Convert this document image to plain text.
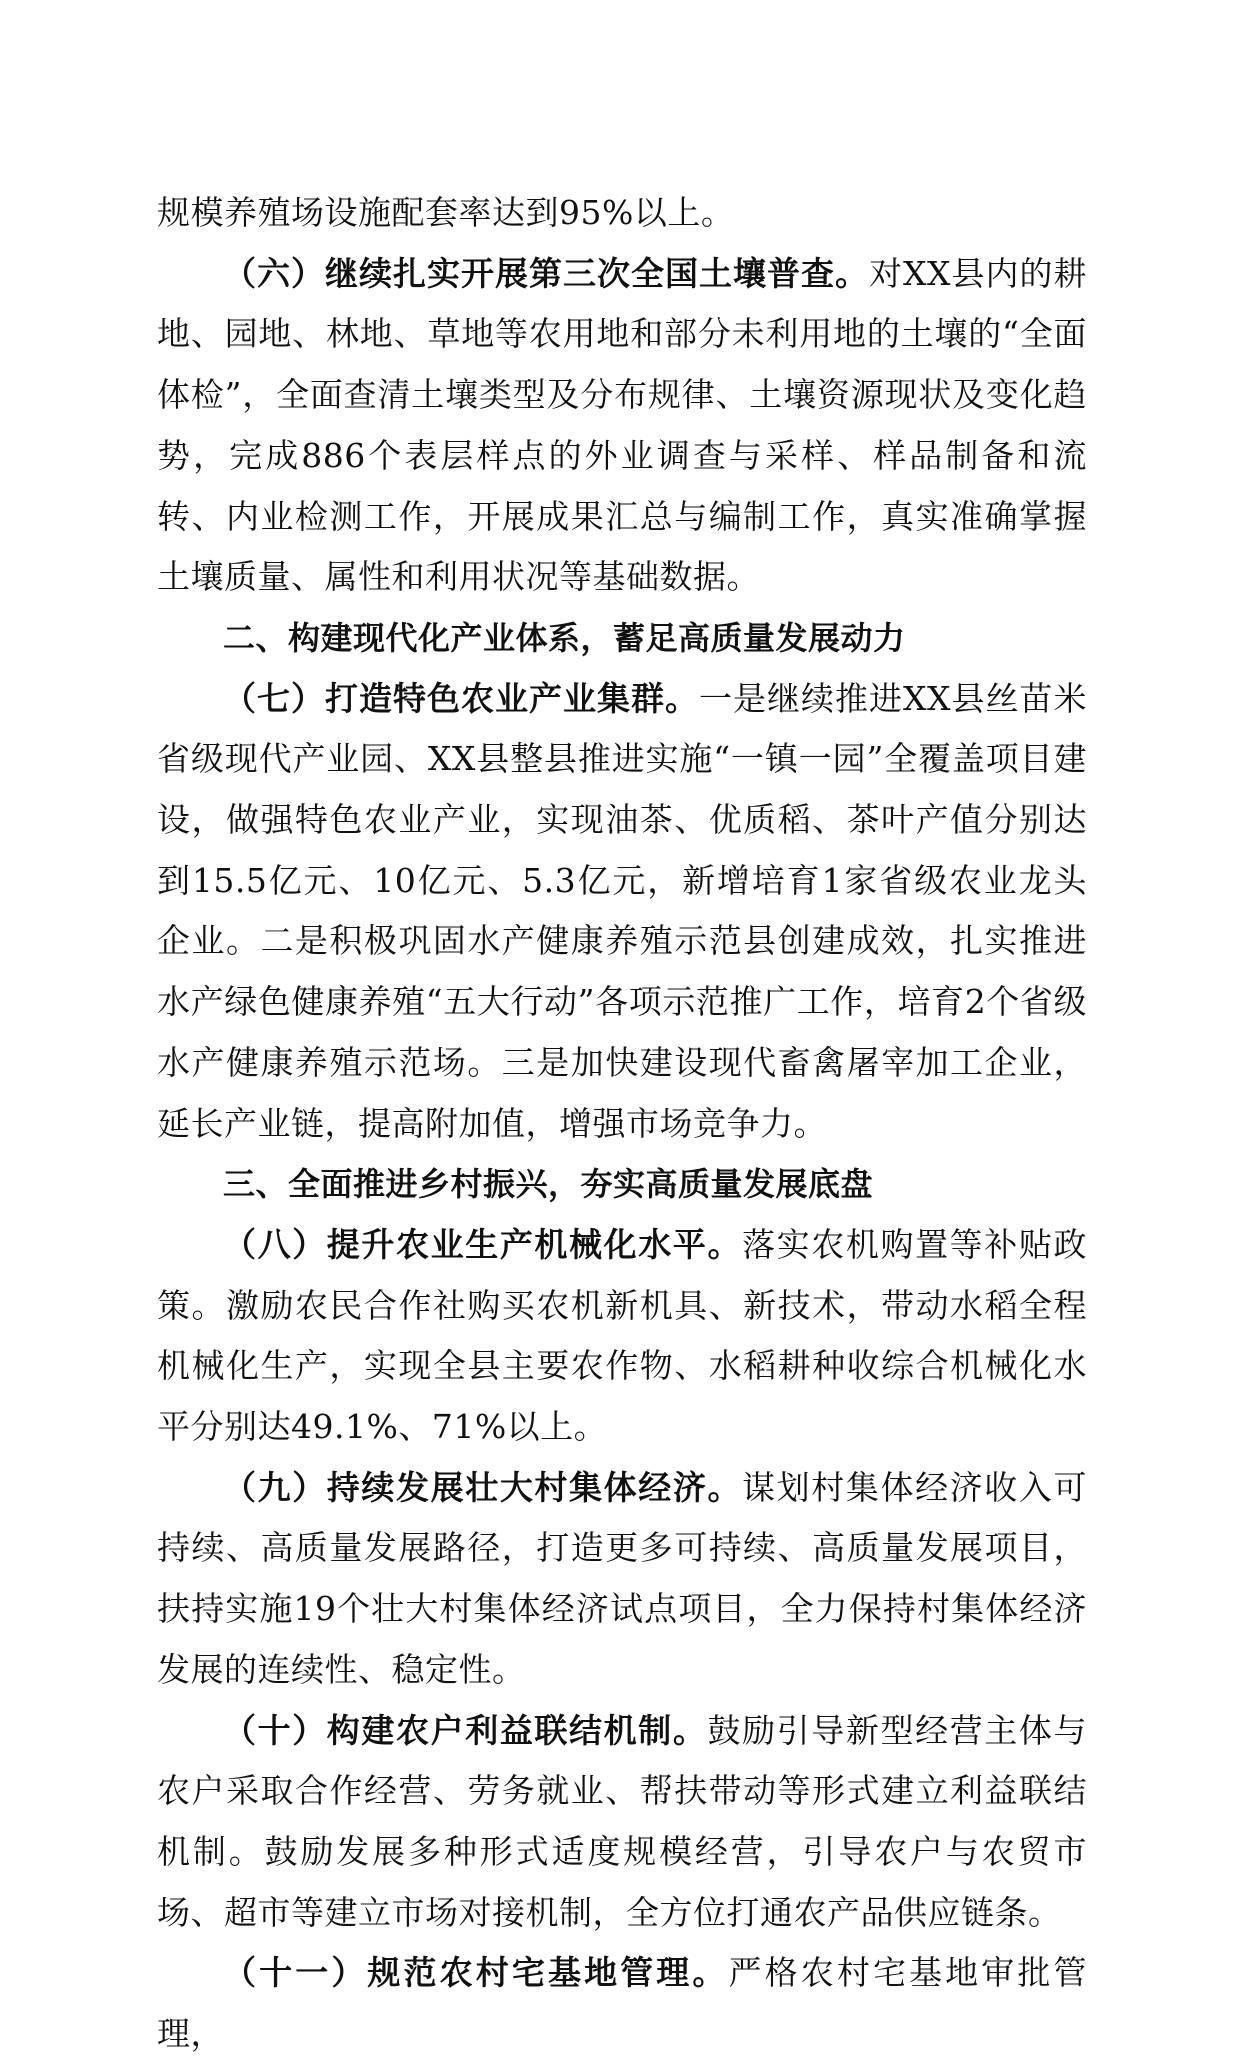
规模养殖场设施配套率达到95%以上。

（六）继续扎实开展第三次全国土壤普查。对XX县内的耕地、园地、林地、草地等农用地和部分未利用地的土壤的“全面体检”，全面查清土壤类型及分布规律、土壤资源现状及变化趋势，完成886个表层样点的外业调查与采样、样品制备和流转、内业检测工作，开展成果汇总与编制工作，真实准确掌握土壤质量、属性和利用状况等基础数据。

二、构建现代化产业体系，蓄足高质量发展动力

（七）打造特色农业产业集群。一是继续推进XX县丝苗米省级现代产业园、XX县整县推进实施“一镇一园”全覆盖项目建设，做强特色农业产业，实现油茶、优质稻、茶叶产值分别达到15.5亿元、10亿元、5.3亿元，新增培育1家省级农业龙头企业。二是积极巩固水产健康养殖示范县创建成效，扎实推进水产绿色健康养殖“五大行动”各项示范推广工作，培育2个省级水产健康养殖示范场。三是加快建设现代畜禽屠宰加工企业，延长产业链，提高附加值，增强市场竞争力。

三、全面推进乡村振兴，夯实高质量发展底盘

（八）提升农业生产机械化水平。落实农机购置等补贴政策。激励农民合作社购买农机新机具、新技术，带动水稻全程机械化生产，实现全县主要农作物、水稻耕种收综合机械化水平分别达49.1%、71%以上。

（九）持续发展壮大村集体经济。谋划村集体经济收入可持续、高质量发展路径，打造更多可持续、高质量发展项目，扶持实施19个壮大村集体经济试点项目，全力保持村集体经济发展的连续性、稳定性。

（十）构建农户利益联结机制。鼓励引导新型经营主体与农户采取合作经营、劳务就业、帮扶带动等形式建立利益联结机制。鼓励发展多种形式适度规模经营，引导农户与农贸市场、超市等建立市场对接机制，全方位打通农产品供应链条。

（十一）规范农村宅基地管理。严格农村宅基地审批管理，
